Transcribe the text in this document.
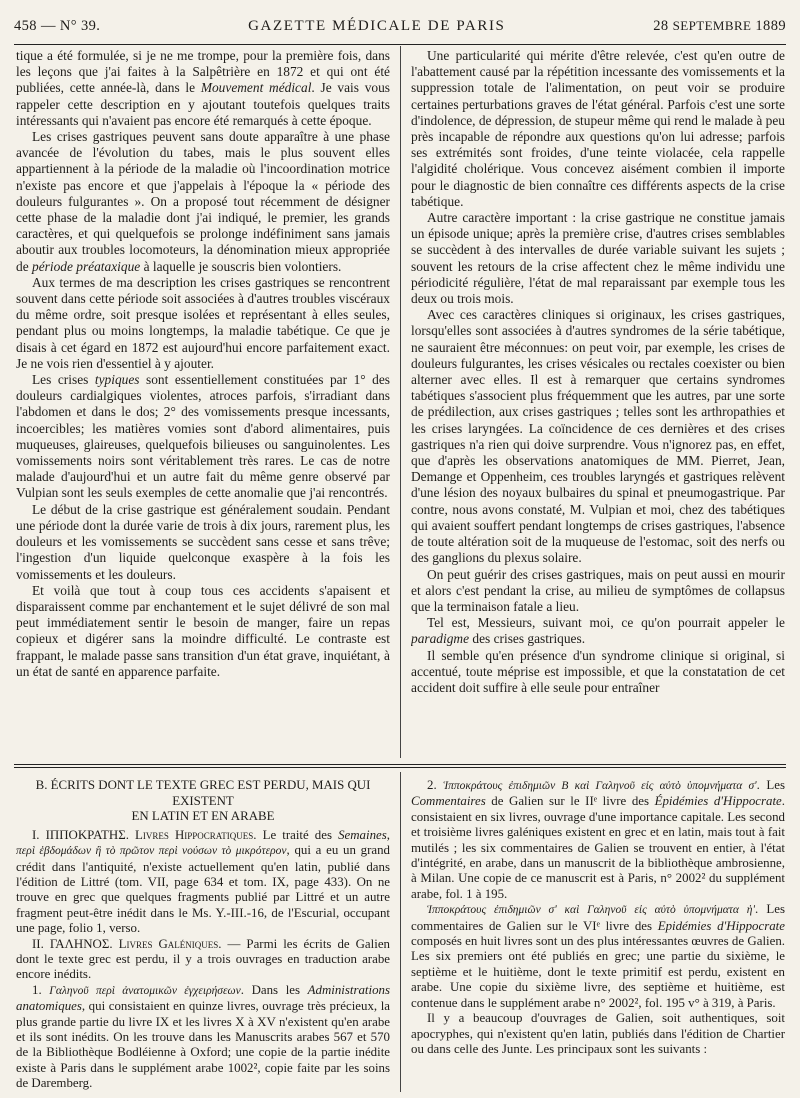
458 — N° 39.	GAZETTE MÉDICALE DE PARIS	28 SEPTEMBRE 1889

tique a été formulée, si je ne me trompe, pour la première fois, dans les leçons que j'ai faites à la Salpêtrière en 1872 et qui ont été publiées, cette année-là, dans le Mouvement médical. Je vais vous rappeler cette description en y ajoutant toutefois quelques traits intéressants qui n'avaient pas encore été remarqués à cette époque.

Les crises gastriques peuvent sans doute apparaître à une phase avancée de l'évolution du tabes, mais le plus souvent elles appartiennent à la période de la maladie où l'incoordination motrice n'existe pas encore et que j'appelais à l'époque la « période des douleurs fulgurantes ». On a proposé tout récemment de désigner cette phase de la maladie dont j'ai indiqué, le premier, les grands caractères, et qui quelquefois se prolonge indéfiniment sans jamais aboutir aux troubles locomoteurs, la dénomination mieux appropriée de période préataxique à laquelle je souscris bien volontiers.

Aux termes de ma description les crises gastriques se rencontrent souvent dans cette période soit associées à d'autres troubles viscéraux du même ordre, soit presque isolées et représentant à elles seules, pendant plus ou moins longtemps, la maladie tabétique. Ce que je disais à cet égard en 1872 est aujourd'hui encore parfaitement exact. Je ne vois rien d'essentiel à y ajouter.

Les crises typiques sont essentiellement constituées par 1° des douleurs cardialgiques violentes, atroces parfois, s'irradiant dans l'abdomen et dans le dos; 2° des vomissements presque incessants, incoercibles; les matières vomies sont d'abord alimentaires, puis muqueuses, glaireuses, quelquefois bilieuses ou sanguinolentes. Les vomissements noirs sont véritablement très rares. Le cas de notre malade d'aujourd'hui et un autre fait du même genre observé par Vulpian sont les seuls exemples de cette anomalie que j'ai rencontrés.

Le début de la crise gastrique est généralement soudain. Pendant une période dont la durée varie de trois à dix jours, rarement plus, les douleurs et les vomissements se succèdent sans cesse et sans trêve; l'ingestion d'un liquide quelconque exaspère à la fois les vomissements et les douleurs.

Et voilà que tout à coup tous ces accidents s'apaisent et disparaissent comme par enchantement et le sujet délivré de son mal peut immédiatement sentir le besoin de manger, faire un repas copieux et digérer sans la moindre difficulté. Le contraste est frappant, le malade passe sans transition d'un état grave, inquiétant, à un état de santé en apparence parfaite.

Une particularité qui mérite d'être relevée, c'est qu'en outre de l'abattement causé par la répétition incessante des vomissements et la suppression totale de l'alimentation, on peut voir se produire certaines perturbations graves de l'état général. Parfois c'est une sorte d'indolence, de dépression, de stupeur même qui rend le malade à peu près incapable de répondre aux questions qu'on lui adresse; parfois ses extrémités sont froides, d'une teinte violacée, cela rappelle l'algidité cholérique. Vous concevez aisément combien il importe pour le diagnostic de bien connaître ces différents aspects de la crise tabétique.

Autre caractère important : la crise gastrique ne constitue jamais un épisode unique; après la première crise, d'autres crises semblables se succèdent à des intervalles de durée variable suivant les sujets ; souvent les retours de la crise affectent chez le même individu une périodicité régulière, l'état de mal reparaissant par exemple tous les deux ou trois mois.

Avec ces caractères cliniques si originaux, les crises gastriques, lorsqu'elles sont associées à d'autres syndromes de la série tabétique, ne sauraient être méconnues: on peut voir, par exemple, les crises de douleurs fulgurantes, les crises vésicales ou rectales coexister ou bien alterner avec elles. Il est à remarquer que certains syndromes tabétiques s'associent plus fréquemment que les autres, par une sorte de prédilection, aux crises gastriques ; telles sont les arthropathies et les crises laryngées. La coïncidence de ces dernières et des crises gastriques n'a rien qui doive surprendre. Vous n'ignorez pas, en effet, que d'après les observations anatomiques de MM. Pierret, Jean, Demange et Oppenheim, ces troubles laryngés et gastriques relèvent d'une lésion des noyaux bulbaires du spinal et pneumogastrique. Par contre, nous avons constaté, M. Vulpian et moi, chez des tabétiques qui avaient souffert pendant longtemps de crises gastriques, l'absence de toute altération soit de la muqueuse de l'estomac, soit des nerfs ou des ganglions du plexus solaire.

On peut guérir des crises gastriques, mais on peut aussi en mourir et alors c'est pendant la crise, au milieu de symptômes de collapsus que la terminaison fatale a lieu.

Tel est, Messieurs, suivant moi, ce qu'on pourrait appeler le paradigme des crises gastriques.

Il semble qu'en présence d'un syndrome clinique si original, si accentué, toute méprise est impossible, et que la constatation de cet accident doit suffire à elle seule pour entraîner

B. ÉCRITS DONT LE TEXTE GREC EST PERDU, MAIS QUI EXISTENT
EN LATIN ET EN ARABE

I. ΙΠΠΟΚΡΑΤΗΣ. Livres Hippocratiques. Le traité des Semaines, περὶ ἑβδομάδων ἢ τὸ πρῶτον περὶ νούσων τὸ μικρότερον, qui a eu un grand crédit dans l'antiquité, n'existe actuellement qu'en latin, publié dans l'édition de Littré (tom. VII, page 634 et tom. IX, page 433). On ne trouve en grec que quelques fragments publié par Littré et un autre fragment peut-être inédit dans le Ms. Y.-III.-16, de l'Escurial, occupant une page, folio 1, verso.

II. ΓΑΛΗΝΟΣ. Livres Galéniques. — Parmi les écrits de Galien dont le texte grec est perdu, il y a trois ouvrages en traduction arabe encore inédits.

1. Γαληνοῦ περὶ ἀνατομικῶν ἐγχειρήσεων. Dans les Administrations anatomiques, qui consistaient en quinze livres, ouvrage très précieux, la plus grande partie du livre IX et les livres X à XV n'existent qu'en arabe et ils sont inédits. On les trouve dans les Manuscrits arabes 567 et 570 de la Bibliothèque Bodléienne à Oxford; une copie de la partie inédite existe à Paris dans le supplément arabe 1002², copie faite par les soins de Daremberg.

2. Ἱπποκράτους ἐπιδημιῶν Β καὶ Γαληνοῦ εἰς αὐτὸ ὑπομνήματα σʹ. Les Commentaires de Galien sur le IIᵉ livre des Épidémies d'Hippocrate. consistaient en six livres, ouvrage d'une importance capitale. Les second et troisième livres galéniques existent en grec et en latin, mais tout à fait mutilés ; les six commentaires de Galien se trouvent en entier, à l'état d'intégrité, en arabe, dans un manuscrit de la bibliothèque ambrosienne, à Milan. Une copie de ce manuscrit est à Paris, n° 2002² du supplément arabe, fol. 1 à 195.

Ἱπποκράτους ἐπιδημιῶν σʹ καὶ Γαληνοῦ εἰς αὐτὸ ὑπομνήματα ἡʹ. Les commentaires de Galien sur le VIᵉ livre des Epidémies d'Hippocrate composés en huit livres sont un des plus intéressantes œuvres de Galien. Les six premiers ont été publiés en grec; une partie du sixième, le septième et le huitième, dont le texte primitif est perdu, existent en arabe. Une copie du sixième livre, des septième et huitième, est contenue dans le supplément arabe n° 2002², fol. 195 v° à 319, à Paris.

Il y a beaucoup d'ouvrages de Galien, soit authentiques, soit apocryphes, qui n'existent qu'en latin, publiés dans l'édition de Chartier ou dans celle des Junte. Les principaux sont les suivants :
